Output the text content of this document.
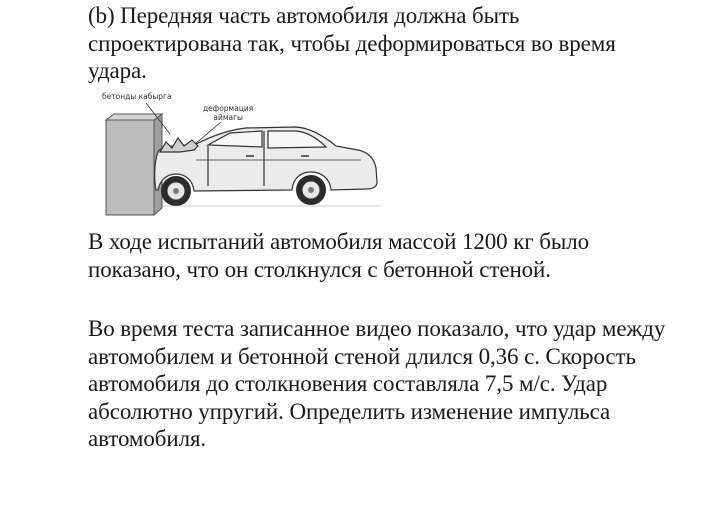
(b) Передняя часть автомобиля должна быть спроектирована так, чтобы деформироваться во время удара.

бетонды кабырга
деформация
аймагы

В ходе испытаний автомобиля массой 1200 кг было показано, что он столкнулся с бетонной стеной.

Во время теста записанное видео показало, что удар между автомобилем и бетонной стеной длился 0,36 с. Скорость автомобиля до столкновения составляла 7,5 м/с. Удар абсолютно упругий. Определить изменение импульса автомобиля.
